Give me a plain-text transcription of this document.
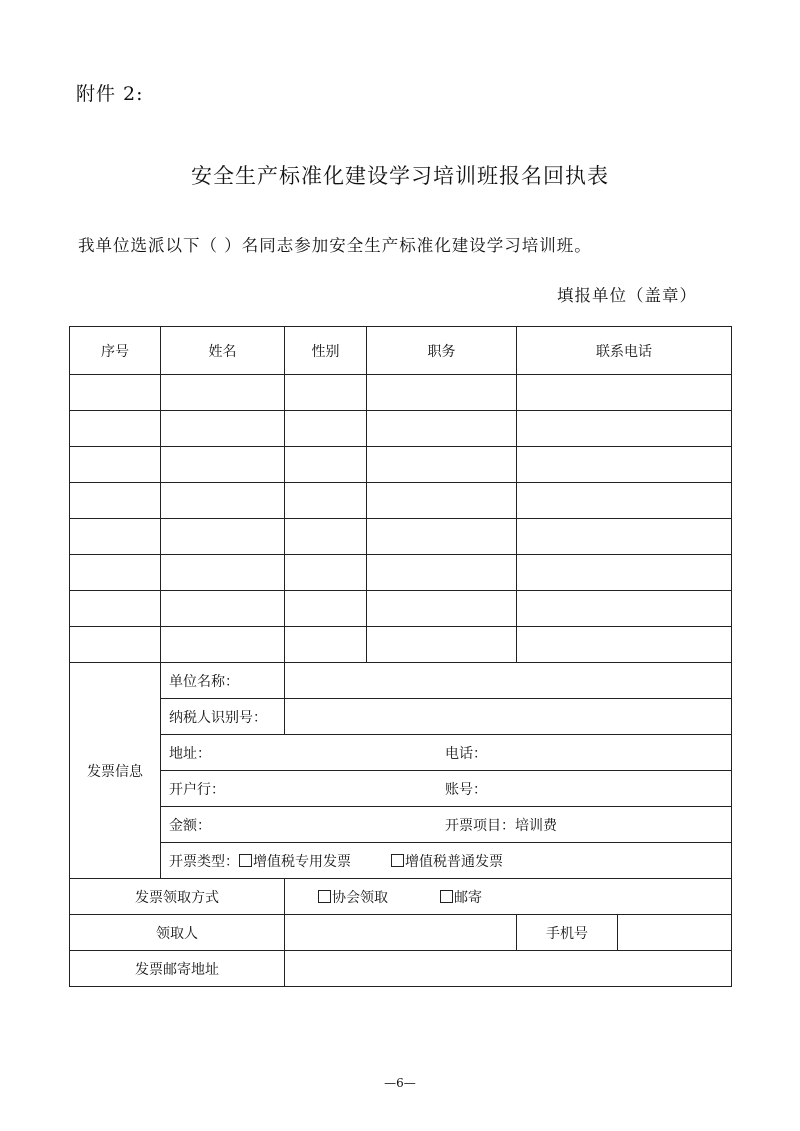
附件 2:
安全生产标准化建设学习培训班报名回执表
我单位选派以下（ ）名同志参加安全生产标准化建设学习培训班。
填报单位（盖章）
序号	姓名	性别	职务	联系电话	

发票信息	单位名称：				
	纳税人识别号：				
	地址： 电话：				
	开户行： 账号：				
	金额： 开票项目：培训费				
	开票类型： 增值税专用发票 增值税普通发票				
发票领取方式		协会领取 邮寄			
领取人				手机号	
发票邮寄地址					
—6—
